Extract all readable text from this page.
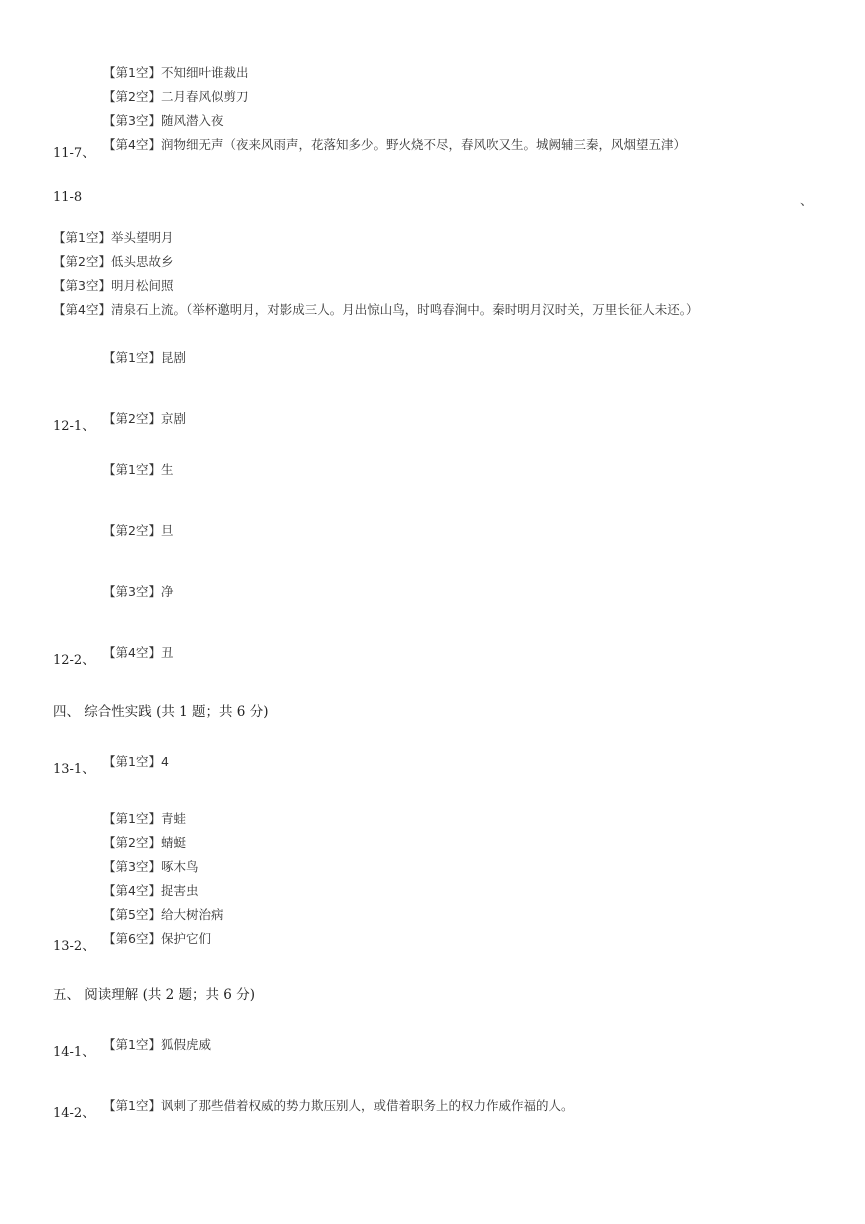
【第1空】不知细叶谁裁出
【第2空】二月春风似剪刀
【第3空】随风潜入夜
【第4空】润物细无声（夜来风雨声，花落知多少。野火烧不尽，春风吹又生。城阙辅三秦，风烟望五津）
11-7、
11-8	、
【第1空】举头望明月
【第2空】低头思故乡
【第3空】明月松间照
【第4空】清泉石上流。（举杯邀明月，对影成三人。月出惊山鸟，时鸣春涧中。秦时明月汉时关，万里长征人未还。）
【第1空】昆剧
【第2空】京剧
12-1、
【第1空】生
【第2空】旦
【第3空】净
【第4空】丑
12-2、
四、 综合性实践 (共 1 题；共 6 分)
【第1空】4
13-1、
【第1空】青蛙
【第2空】蜻蜓
【第3空】啄木鸟
【第4空】捉害虫
【第5空】给大树治病
【第6空】保护它们
13-2、
五、 阅读理解 (共 2 题；共 6 分)
【第1空】狐假虎威
14-1、
【第1空】讽刺了那些借着权威的势力欺压别人，或借着职务上的权力作威作福的人。
14-2、
